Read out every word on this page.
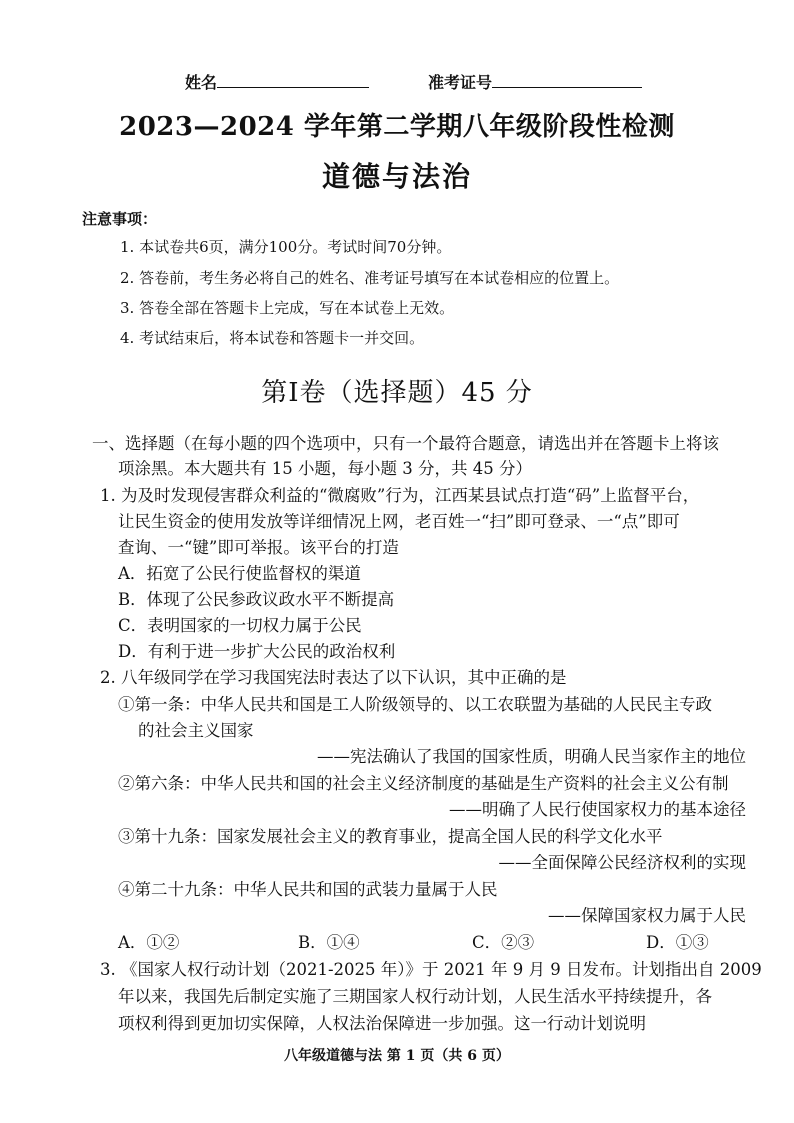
姓名	准考证号
2023—2024 学年第二学期八年级阶段性检测
道德与法治
注意事项：
1. 本试卷共6页，满分100分。考试时间70分钟。
2. 答卷前，考生务必将自己的姓名、准考证号填写在本试卷相应的位置上。
3. 答卷全部在答题卡上完成，写在本试卷上无效。
4. 考试结束后，将本试卷和答题卡一并交回。
第Ⅰ卷（选择题）45 分
一、选择题（在每小题的四个选项中，只有一个最符合题意，请选出并在答题卡上将该
项涂黑。本大题共有 15 小题，每小题 3 分，共 45 分）
1. 为及时发现侵害群众利益的“微腐败”行为，江西某县试点打造“码”上监督平台，
让民生资金的使用发放等详细情况上网，老百姓一“扫”即可登录、一“点”即可
查询、一“键”即可举报。该平台的打造
A．拓宽了公民行使监督权的渠道
B．体现了公民参政议政水平不断提高
C．表明国家的一切权力属于公民
D．有利于进一步扩大公民的政治权利
2. 八年级同学在学习我国宪法时表达了以下认识，其中正确的是
①第一条：中华人民共和国是工人阶级领导的、以工农联盟为基础的人民民主专政
的社会主义国家
——宪法确认了我国的国家性质，明确人民当家作主的地位
②第六条：中华人民共和国的社会主义经济制度的基础是生产资料的社会主义公有制
——明确了人民行使国家权力的基本途径
③第十九条：国家发展社会主义的教育事业，提高全国人民的科学文化水平
——全面保障公民经济权利的实现
④第二十九条：中华人民共和国的武装力量属于人民
——保障国家权力属于人民
A．①②	B．①④	C．②③	D．①③
3. 《国家人权行动计划（2021-2025 年）》于 2021 年 9 月 9 日发布。计划指出自 2009
年以来，我国先后制定实施了三期国家人权行动计划，人民生活水平持续提升，各
项权利得到更加切实保障，人权法治保障进一步加强。这一行动计划说明
八年级道德与法 第 1 页（共 6 页）
